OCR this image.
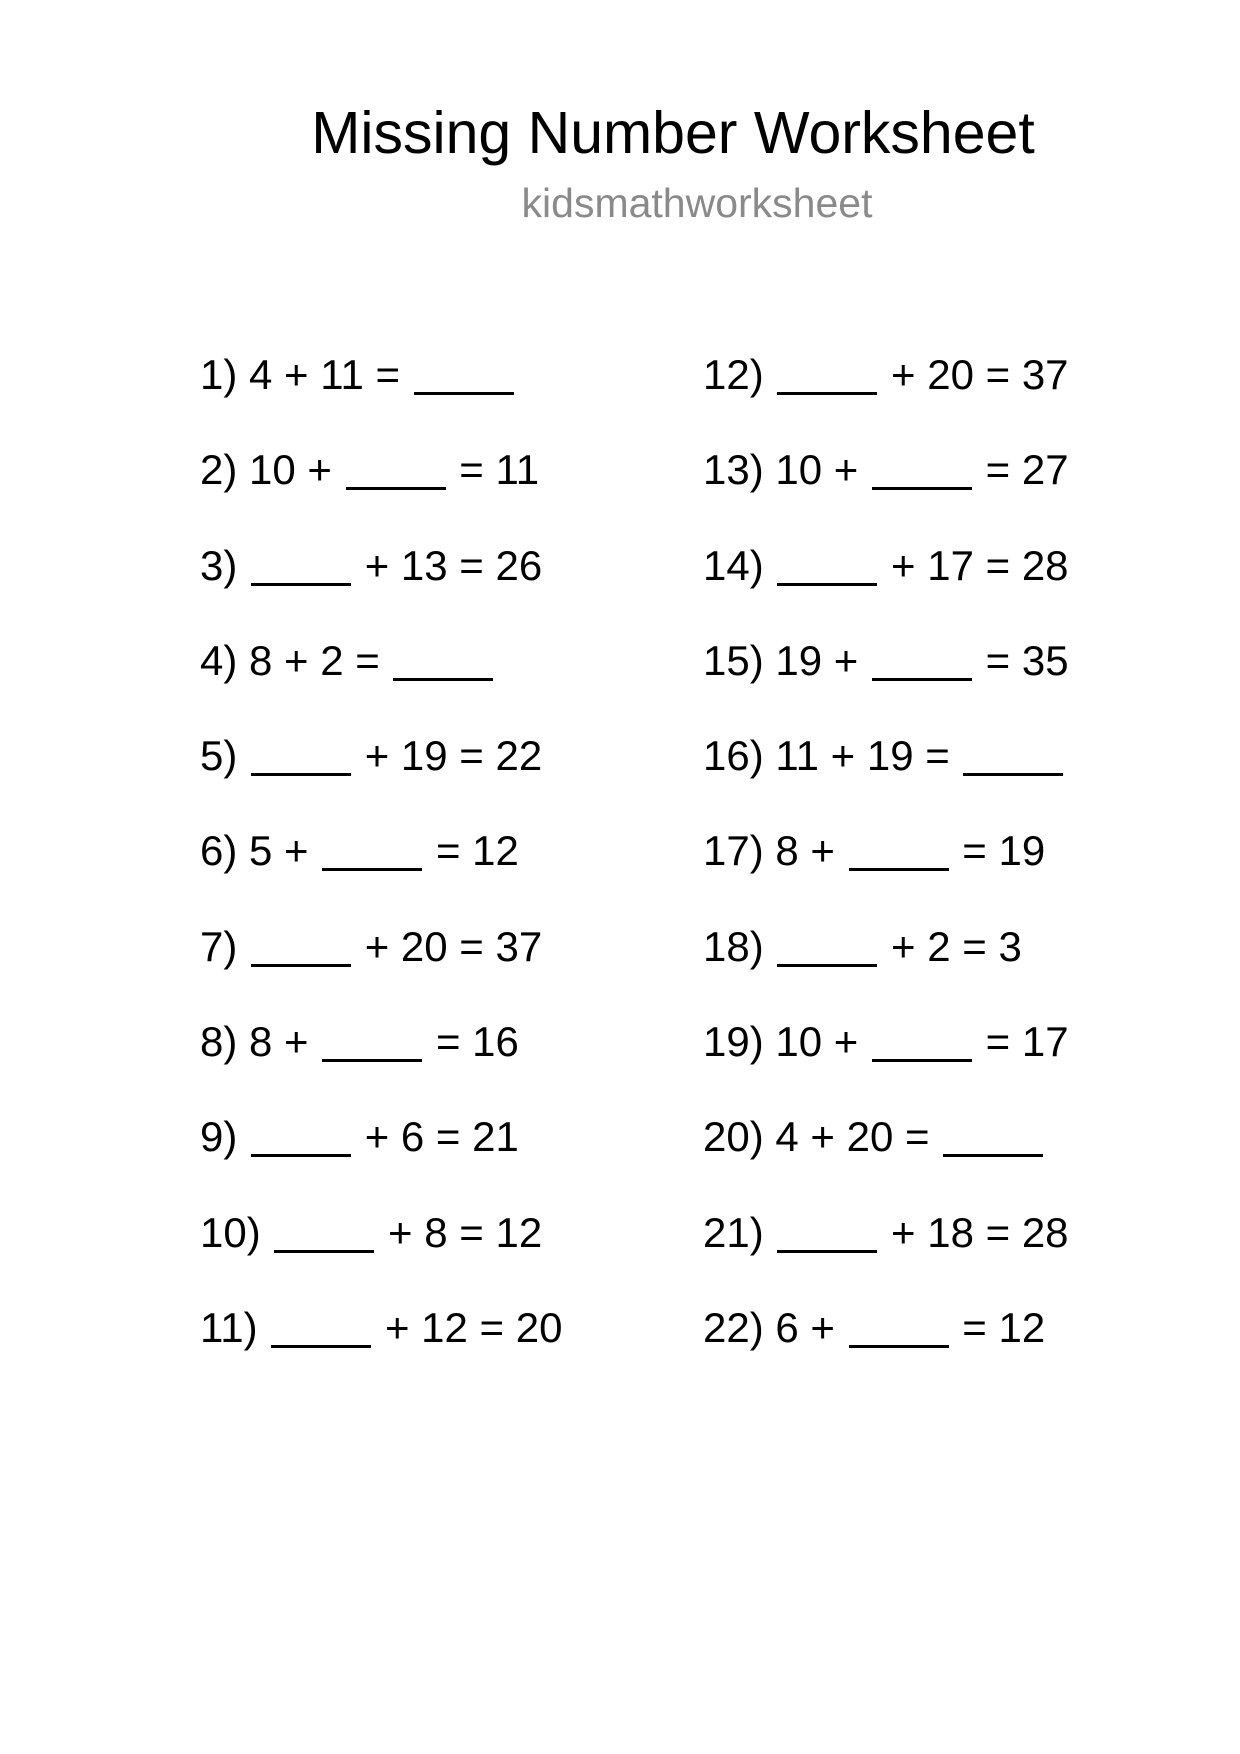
Missing Number Worksheet
kidsmathworksheet
1) 4 + 11 =
2) 10 +	= 11
3)	+ 13 = 26
4) 8 + 2 =
5)	+ 19 = 22
6) 5 +	= 12
7)	+ 20 = 37
8) 8 +	= 16
9)	+ 6 = 21
10)	+ 8 = 12
11)	+ 12 = 20
12)	+ 20 = 37
13) 10 +	= 27
14)	+ 17 = 28
15) 19 +	= 35
16) 11 + 19 =
17) 8 +	= 19
18)	+ 2 = 3
19) 10 +	= 17
20) 4 + 20 =
21)	+ 18 = 28
22) 6 +	= 12
